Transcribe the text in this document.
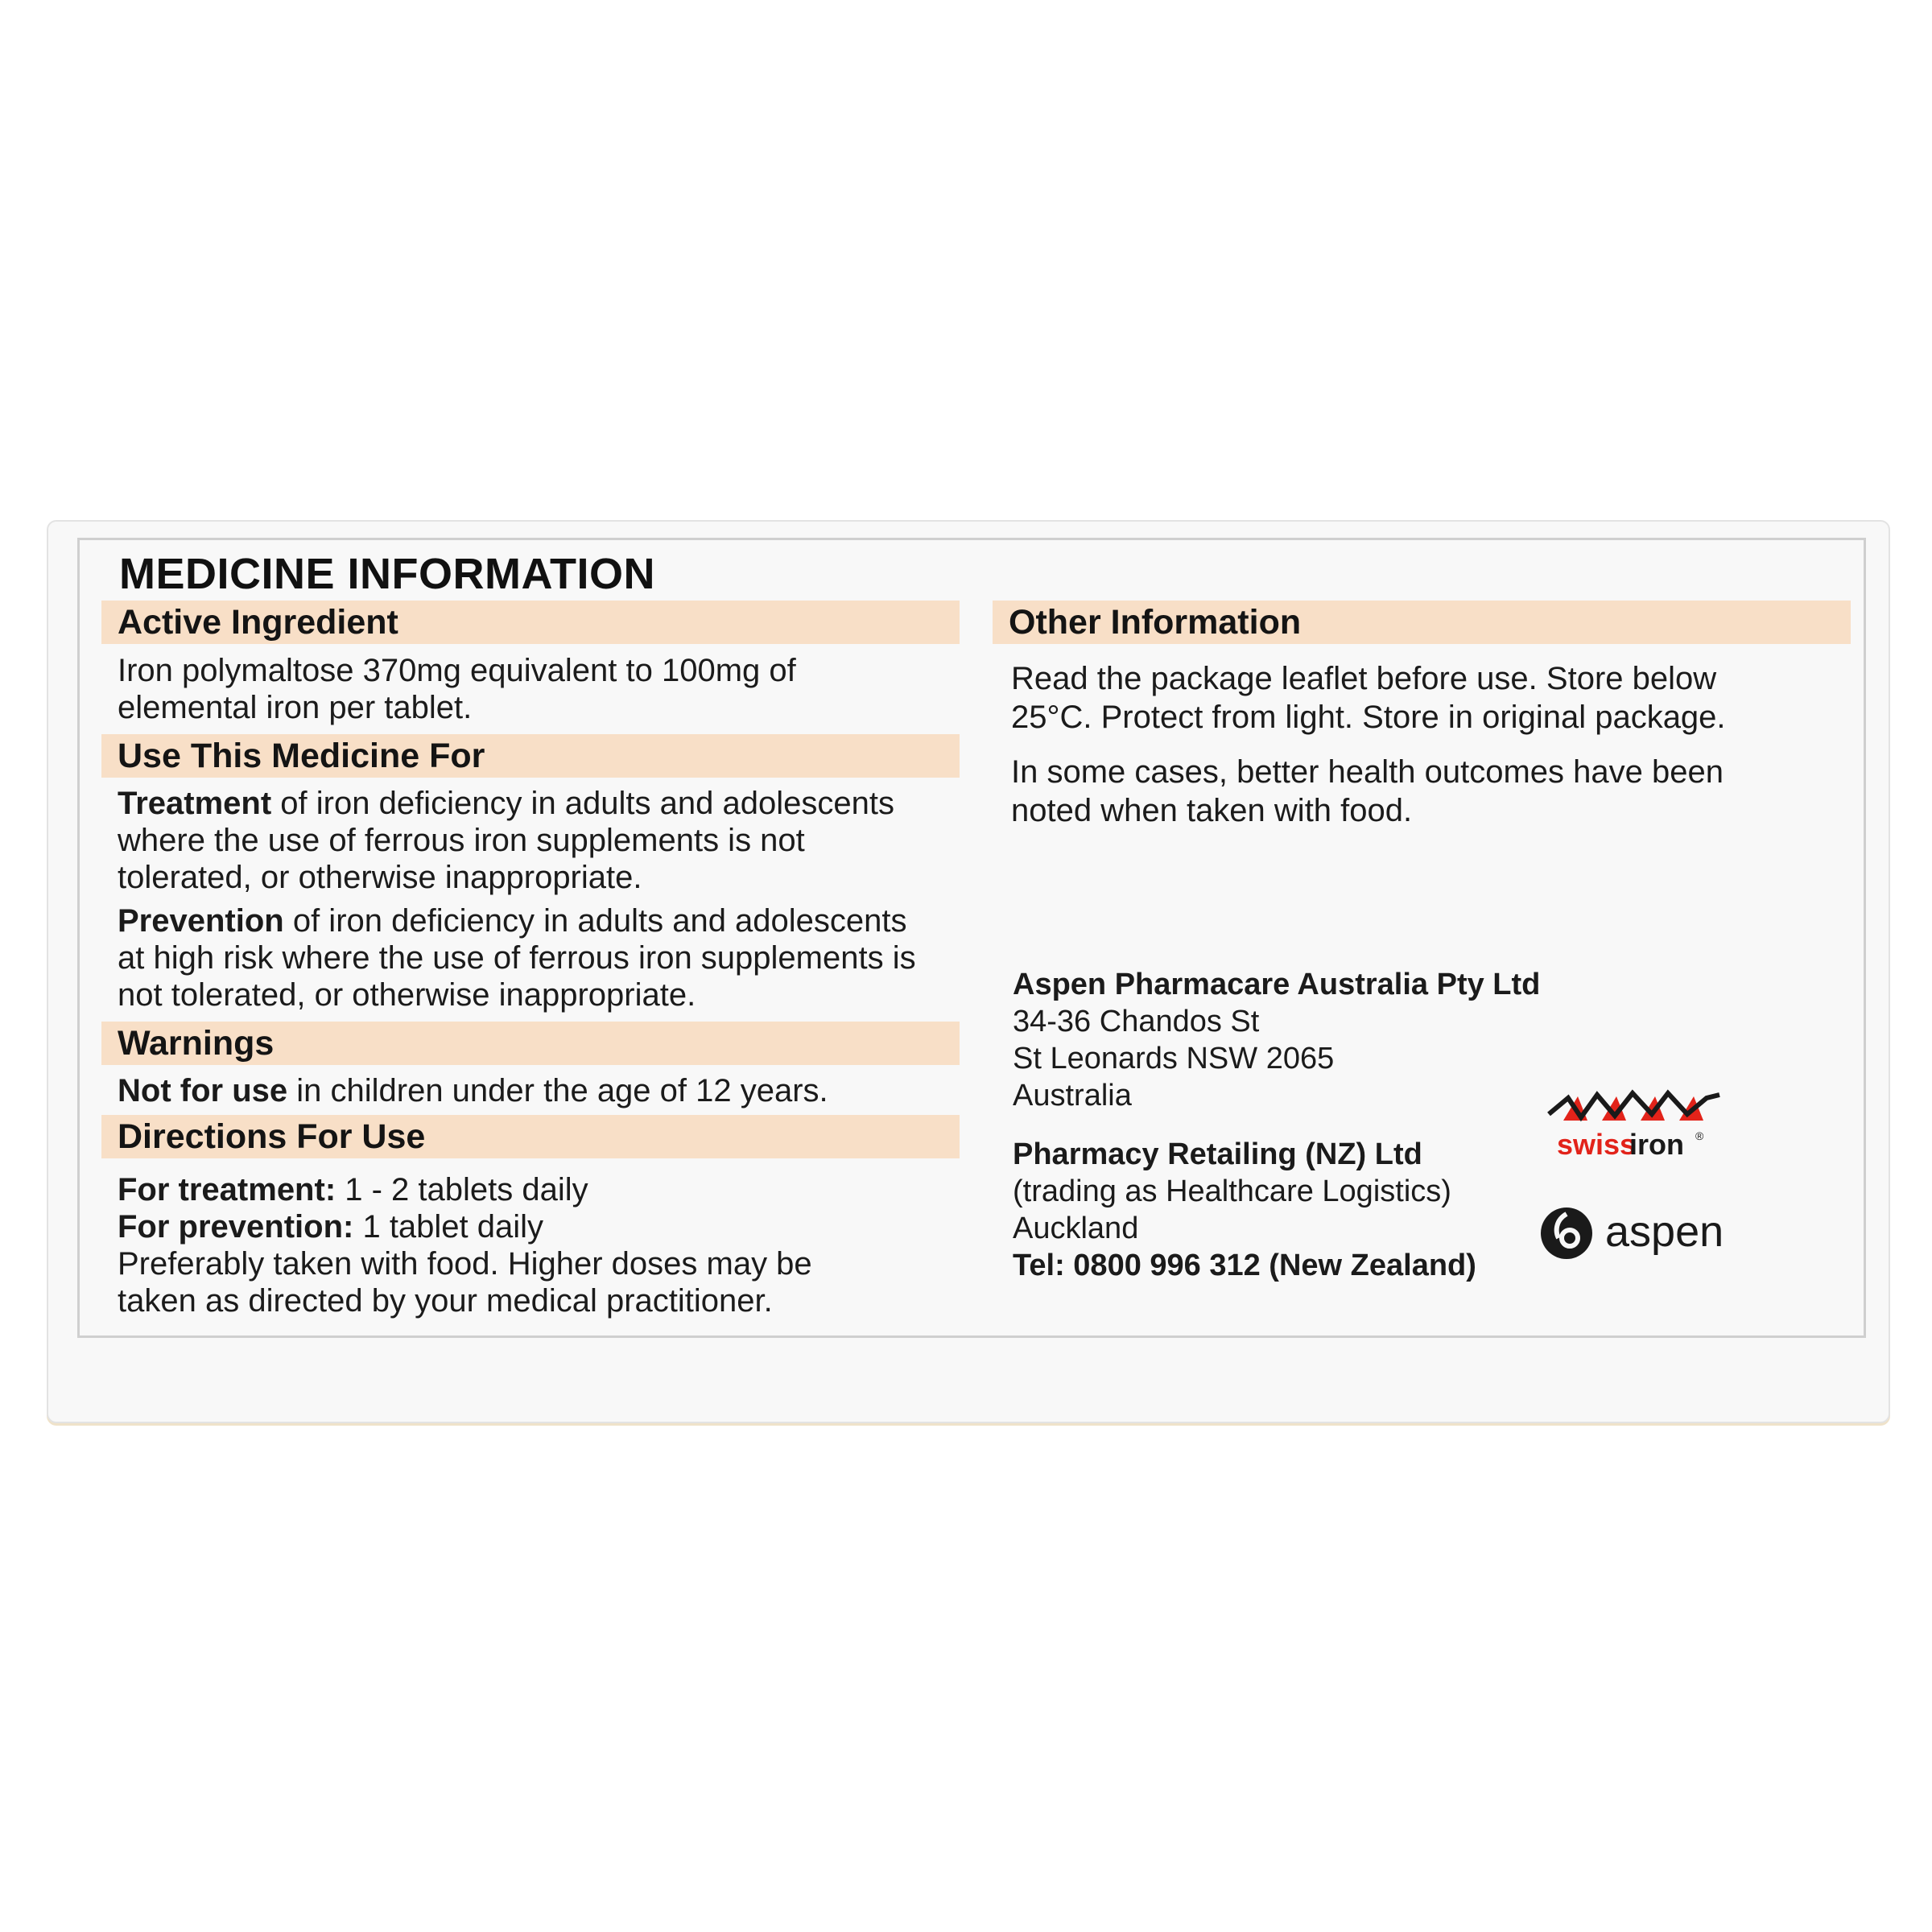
MEDICINE INFORMATION
Active Ingredient
Iron polymaltose 370mg equivalent to 100mg of
elemental iron per tablet.
Use This Medicine For
Treatment of iron deficiency in adults and adolescents
where the use of ferrous iron supplements is not
tolerated, or otherwise inappropriate.
Prevention of iron deficiency in adults and adolescents
at high risk where the use of ferrous iron supplements is
not tolerated, or otherwise inappropriate.
Warnings
Not for use in children under the age of 12 years.
Directions For Use
For treatment: 1 - 2 tablets daily
For prevention: 1 tablet daily
Preferably taken with food. Higher doses may be
taken as directed by your medical practitioner.
Other Information
Read the package leaflet before use. Store below
25°C. Protect from light. Store in original package.
In some cases, better health outcomes have been
noted when taken with food.
Aspen Pharmacare Australia Pty Ltd
34-36 Chandos St
St Leonards NSW 2065
Australia
Pharmacy Retailing (NZ) Ltd
(trading as Healthcare Logistics)
Auckland
Tel: 0800 996 312 (New Zealand)
swiss
iron ®
aspen
